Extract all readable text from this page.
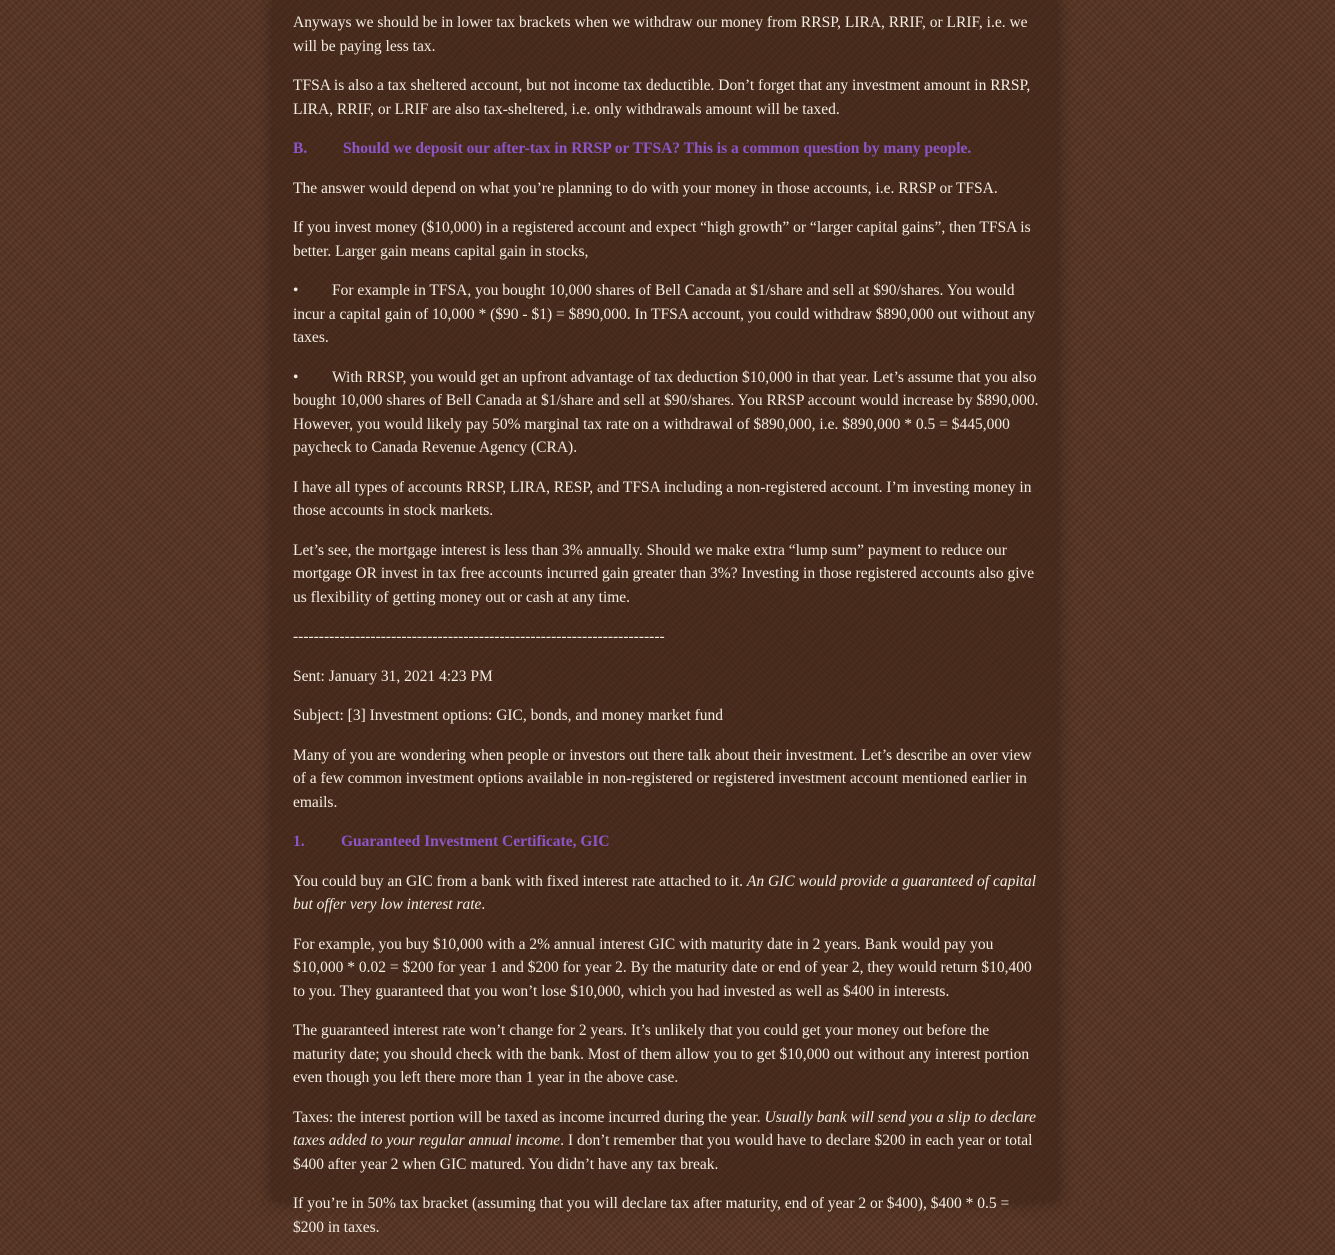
Anyways we should be in lower tax brackets when we withdraw our money from RRSP, LIRA, RRIF, or LRIF, i.e. we will be paying less tax.

TFSA is also a tax sheltered account, but not income tax deductible. Don’t forget that any investment amount in RRSP, LIRA, RRIF, or LRIF are also tax-sheltered, i.e. only withdrawals amount will be taxed.

B. Should we deposit our after-tax in RRSP or TFSA? This is a common question by many people.

The answer would depend on what you’re planning to do with your money in those accounts, i.e. RRSP or TFSA.

If you invest money ($10,000) in a registered account and expect “high growth” or “larger capital gains”, then TFSA is better. Larger gain means capital gain in stocks,

• For example in TFSA, you bought 10,000 shares of Bell Canada at $1/share and sell at $90/shares. You would incur a capital gain of 10,000 * ($90 - $1) = $890,000. In TFSA account, you could withdraw $890,000 out without any taxes.

• With RRSP, you would get an upfront advantage of tax deduction $10,000 in that year. Let’s assume that you also bought 10,000 shares of Bell Canada at $1/share and sell at $90/shares. You RRSP account would increase by $890,000. However, you would likely pay 50% marginal tax rate on a withdrawal of $890,000, i.e. $890,000 * 0.5 = $445,000 paycheck to Canada Revenue Agency (CRA).

I have all types of accounts RRSP, LIRA, RESP, and TFSA including a non-registered account. I’m investing money in those accounts in stock markets.

Let’s see, the mortgage interest is less than 3% annually. Should we make extra “lump sum” payment to reduce our mortgage OR invest in tax free accounts incurred gain greater than 3%? Investing in those registered accounts also give us flexibility of getting money out or cash at any time.

------------------------------------------------------------------------

Sent: January 31, 2021 4:23 PM

Subject: [3] Investment options: GIC, bonds, and money market fund

Many of you are wondering when people or investors out there talk about their investment. Let’s describe an over view of a few common investment options available in non-registered or registered investment account mentioned earlier in emails.

1. Guaranteed Investment Certificate, GIC

You could buy an GIC from a bank with fixed interest rate attached to it. An GIC would provide a guaranteed of capital but offer very low interest rate.

For example, you buy $10,000 with a 2% annual interest GIC with maturity date in 2 years. Bank would pay you $10,000 * 0.02 = $200 for year 1 and $200 for year 2. By the maturity date or end of year 2, they would return $10,400 to you. They guaranteed that you won’t lose $10,000, which you had invested as well as $400 in interests.

The guaranteed interest rate won’t change for 2 years. It’s unlikely that you could get your money out before the maturity date; you should check with the bank. Most of them allow you to get $10,000 out without any interest portion even though you left there more than 1 year in the above case.

Taxes: the interest portion will be taxed as income incurred during the year. Usually bank will send you a slip to declare taxes added to your regular annual income. I don’t remember that you would have to declare $200 in each year or total $400 after year 2 when GIC matured. You didn’t have any tax break.

If you’re in 50% tax bracket (assuming that you will declare tax after maturity, end of year 2 or $400), $400 * 0.5 = $200 in taxes.
